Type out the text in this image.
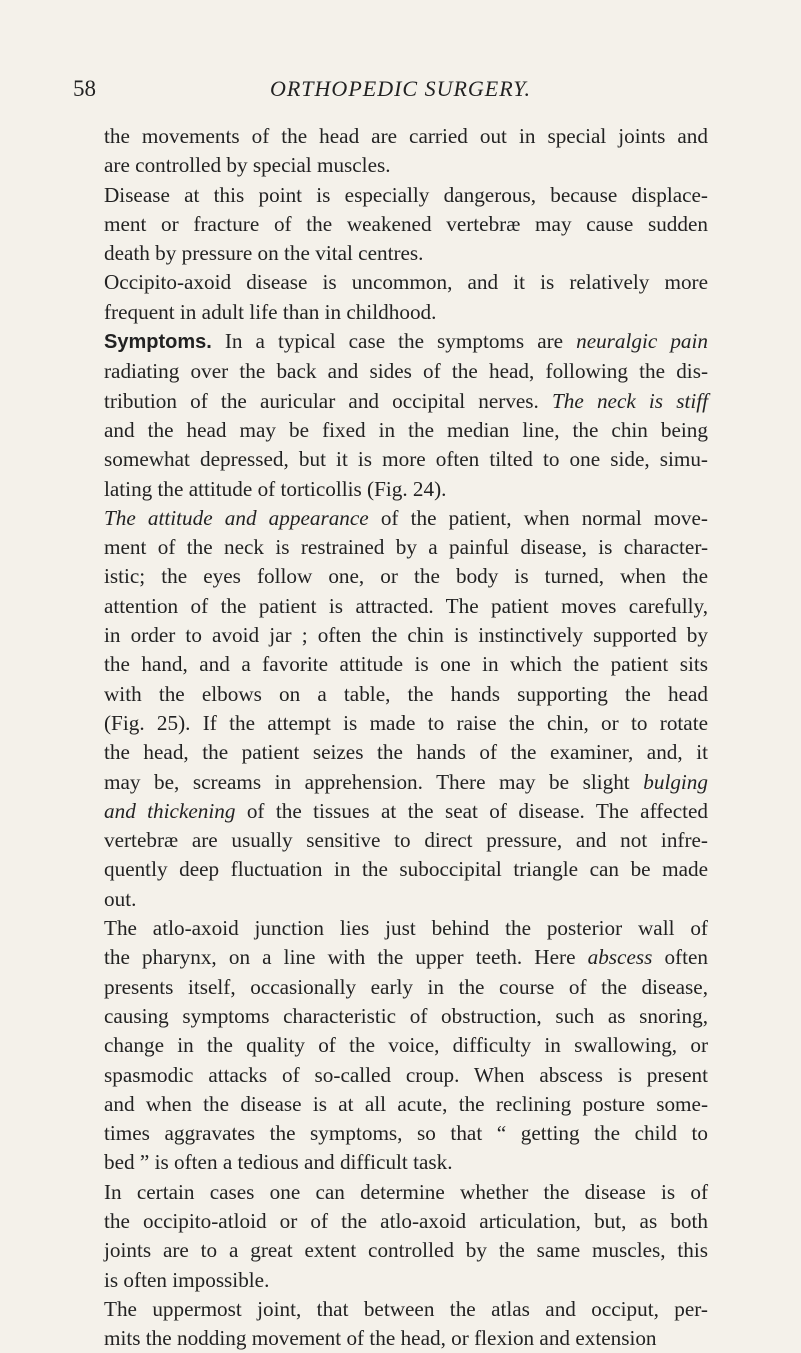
58	ORTHOPEDIC SURGERY.
the movements of the head are carried out in special joints and
are controlled by special muscles.
Disease at this point is especially dangerous, because displace-
ment or fracture of the weakened vertebræ may cause sudden
death by pressure on the vital centres.
Occipito-axoid disease is uncommon, and it is relatively more
frequent in adult life than in childhood.
Symptoms. In a typical case the symptoms are neuralgic pain
radiating over the back and sides of the head, following the dis-
tribution of the auricular and occipital nerves. The neck is stiff
and the head may be fixed in the median line, the chin being
somewhat depressed, but it is more often tilted to one side, simu-
lating the attitude of torticollis (Fig. 24).
The attitude and appearance of the patient, when normal move-
ment of the neck is restrained by a painful disease, is character-
istic; the eyes follow one, or the body is turned, when the
attention of the patient is attracted. The patient moves carefully,
in order to avoid jar ; often the chin is instinctively supported by
the hand, and a favorite attitude is one in which the patient sits
with the elbows on a table, the hands supporting the head
(Fig. 25). If the attempt is made to raise the chin, or to rotate
the head, the patient seizes the hands of the examiner, and, it
may be, screams in apprehension. There may be slight bulging
and thickening of the tissues at the seat of disease. The affected
vertebræ are usually sensitive to direct pressure, and not infre-
quently deep fluctuation in the suboccipital triangle can be made
out.
The atlo-axoid junction lies just behind the posterior wall of
the pharynx, on a line with the upper teeth. Here abscess often
presents itself, occasionally early in the course of the disease,
causing symptoms characteristic of obstruction, such as snoring,
change in the quality of the voice, difficulty in swallowing, or
spasmodic attacks of so-called croup. When abscess is present
and when the disease is at all acute, the reclining posture some-
times aggravates the symptoms, so that “ getting the child to
bed ” is often a tedious and difficult task.
In certain cases one can determine whether the disease is of
the occipito-atloid or of the atlo-axoid articulation, but, as both
joints are to a great extent controlled by the same muscles, this
is often impossible.
The uppermost joint, that between the atlas and occiput, per-
mits the nodding movement of the head, or flexion and extension
